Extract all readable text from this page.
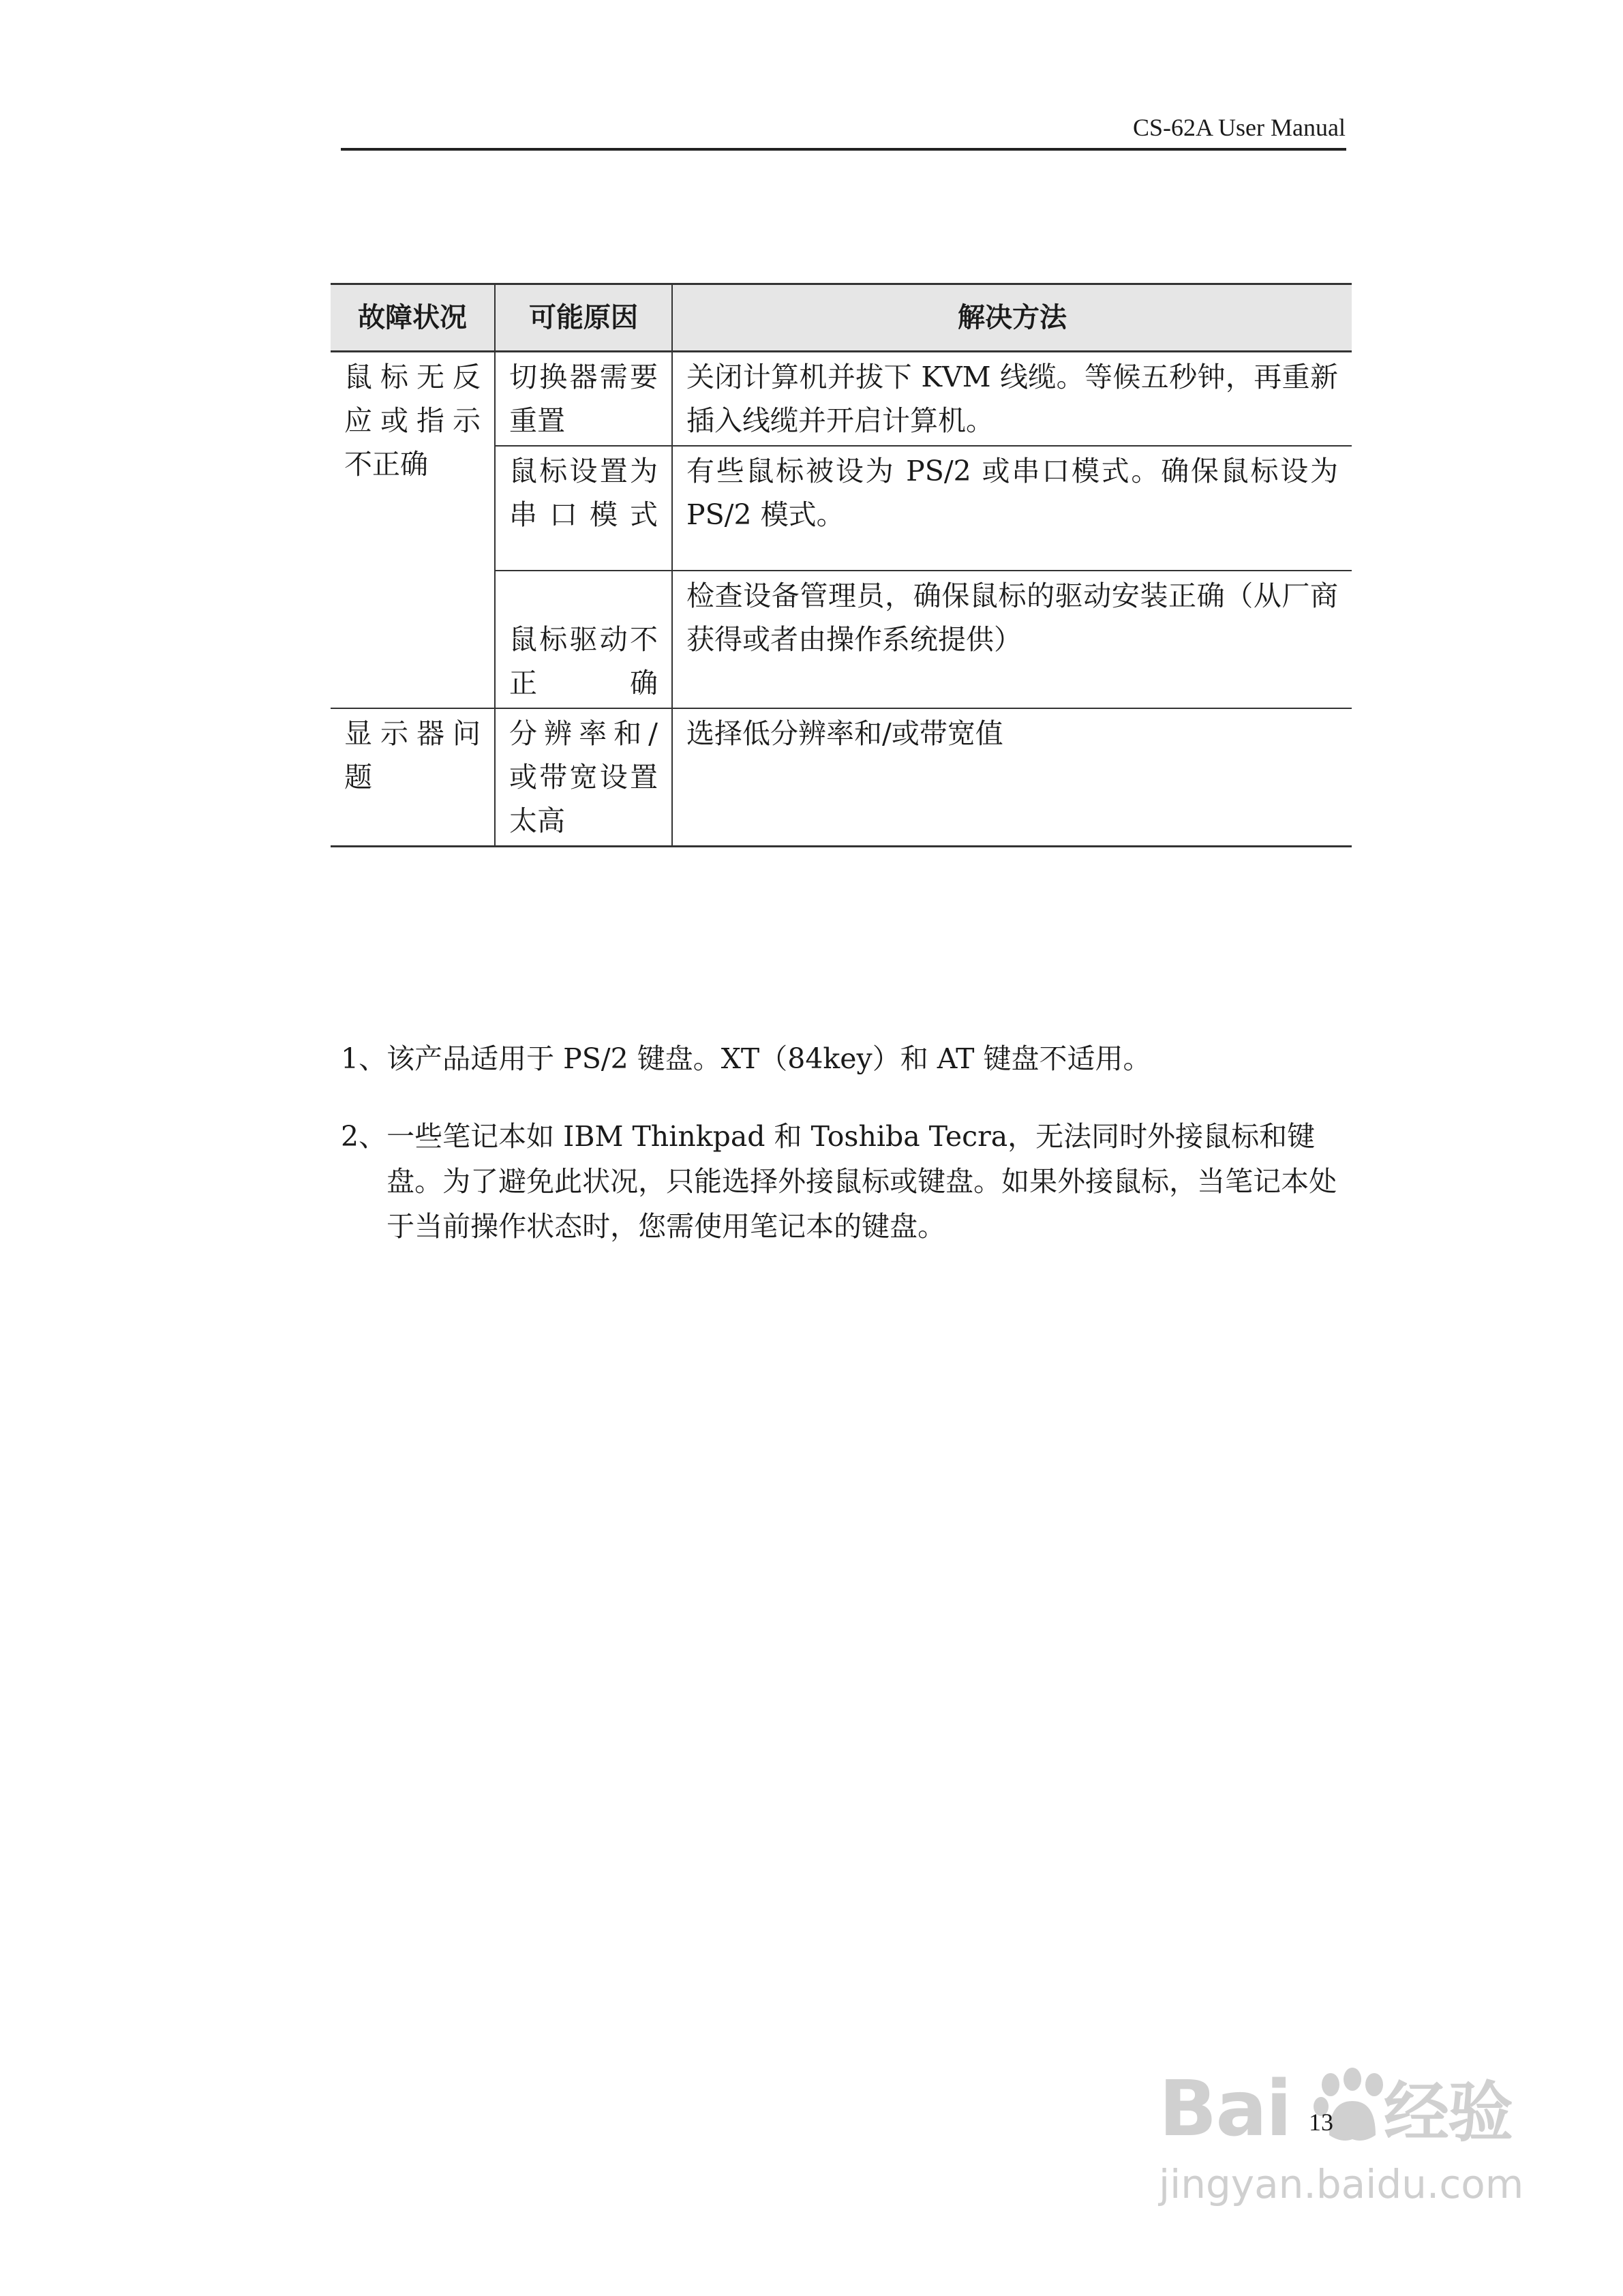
CS-62A User Manual
故障状况	可能原因	解决方法

鼠标无反
应或指示
不正确	切换器需要重置	关闭计算机并拔下 KVM 线缆。等候五秒钟，再重新插入线缆并开启计算机。
	鼠标设置为串口模式	有些鼠标被设为 PS/2 或串口模式。确保鼠标设为 PS/2 模式。
	鼠标驱动不正确	检查设备管理员，确保鼠标的驱动安装正确（从厂商获得或者由操作系统提供）

显示器问
题	分辨率和/或带宽设置太高	选择低分辨率和/或带宽值
1、 该产品适用于 PS/2 键盘。XT（84key）和 AT 键盘不适用。
2、 一些笔记本如 IBM Thinkpad 和 Toshiba Tecra，无法同时外接鼠标和键盘。为了避免此状况，只能选择外接鼠标或键盘。如果外接鼠标，当笔记本处于当前操作状态时，您需使用笔记本的键盘。
Bai 经验
jingyan.baidu.com
13
